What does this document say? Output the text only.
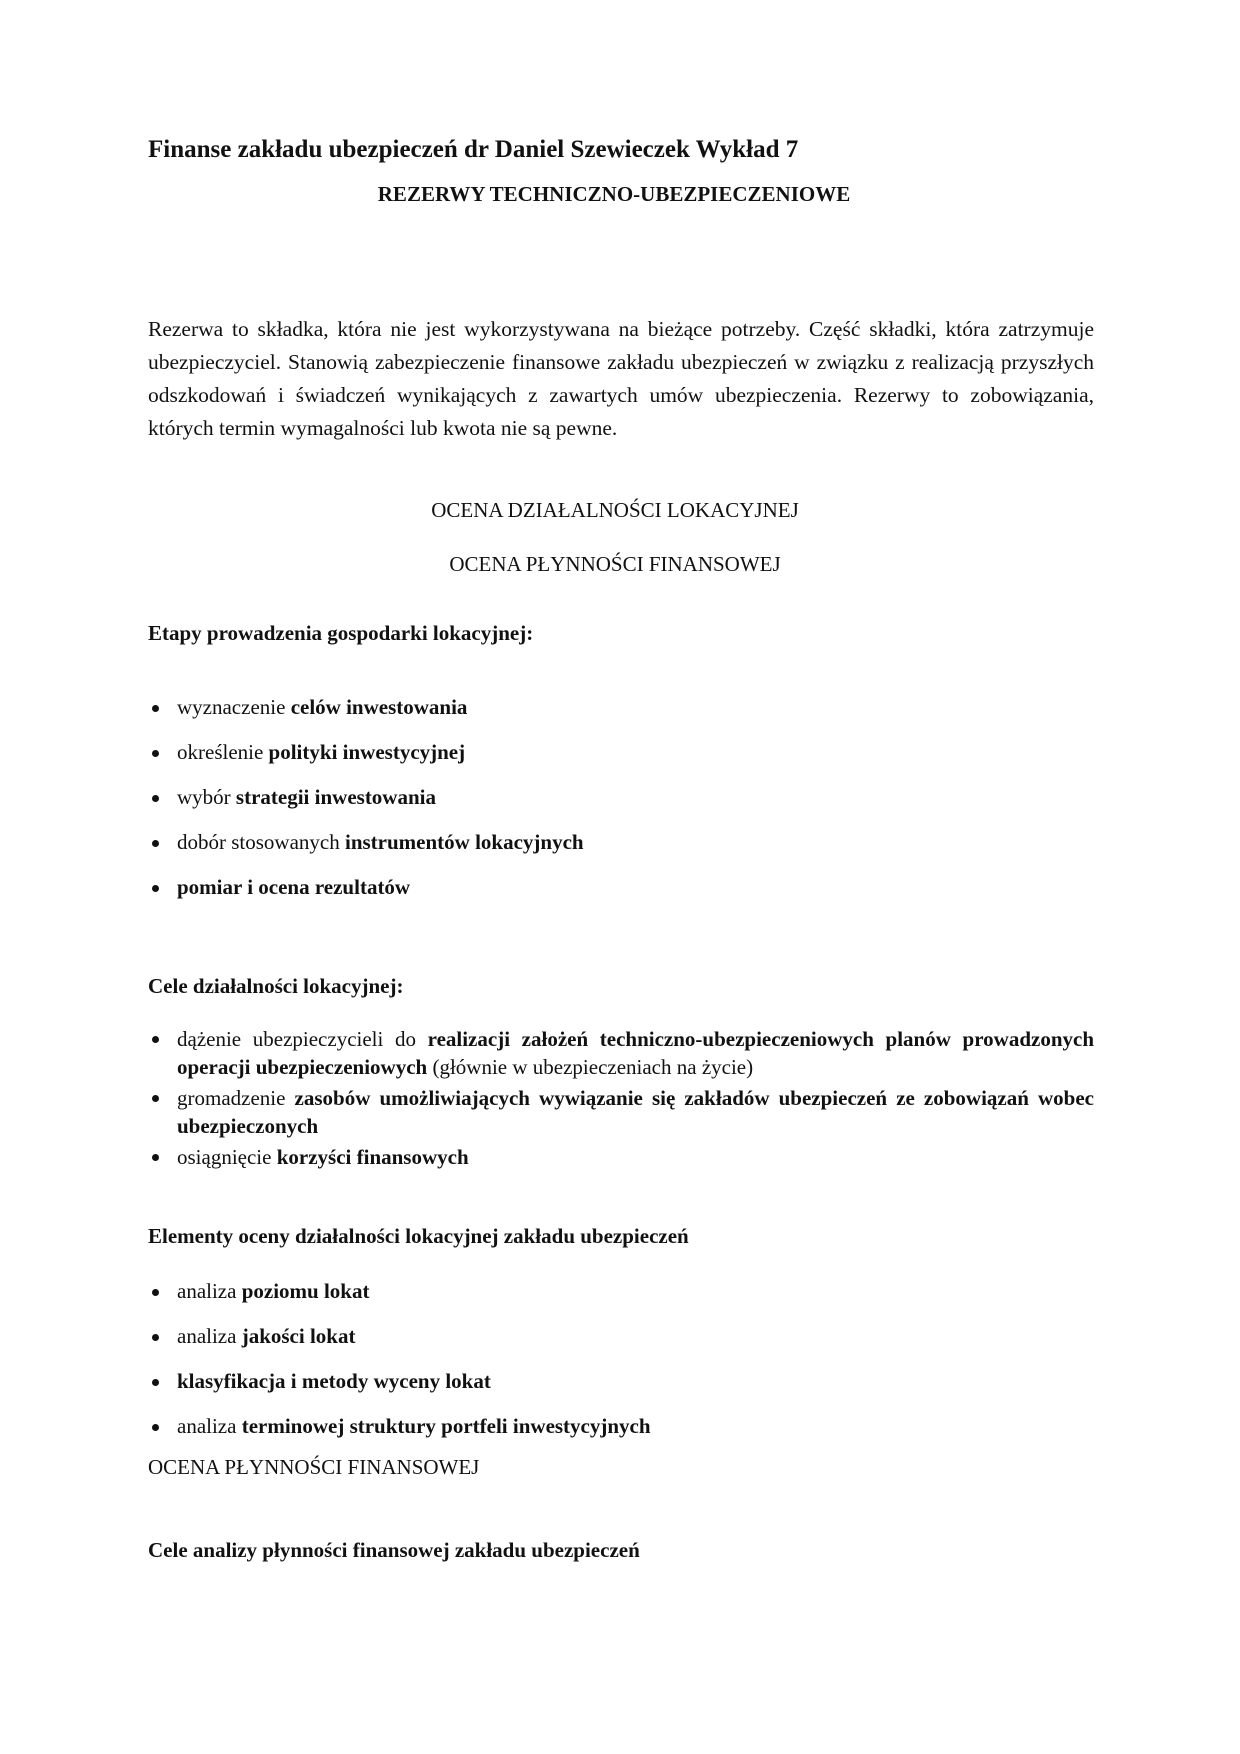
Finanse zakładu ubezpieczeń dr Daniel Szewieczek Wykład 7
REZERWY TECHNICZNO-UBEZPIECZENIOWE
Rezerwa to składka, która nie jest wykorzystywana na bieżące potrzeby. Część składki, która zatrzymuje ubezpieczyciel. Stanowią zabezpieczenie finansowe zakładu ubezpieczeń w związku z realizacją przyszłych odszkodowań i świadczeń wynikających z zawartych umów ubezpieczenia. Rezerwy to zobowiązania, których termin wymagalności lub kwota nie są pewne.
OCENA DZIAŁALNOŚCI LOKACYJNEJ
OCENA PŁYNNOŚCI FINANSOWEJ
Etapy prowadzenia gospodarki lokacyjnej:
wyznaczenie celów inwestowania
określenie polityki inwestycyjnej
wybór strategii inwestowania
dobór stosowanych instrumentów lokacyjnych
pomiar i ocena rezultatów
Cele działalności lokacyjnej:
dążenie ubezpieczycieli do realizacji założeń techniczno-ubezpieczeniowych planów prowadzonych operacji ubezpieczeniowych (głównie w ubezpieczeniach na życie)
gromadzenie zasobów umożliwiających wywiązanie się zakładów ubezpieczeń ze zobowiązań wobec ubezpieczonych
osiągnięcie korzyści finansowych
Elementy oceny działalności lokacyjnej zakładu ubezpieczeń
analiza poziomu lokat
analiza jakości lokat
klasyfikacja i metody wyceny lokat
analiza terminowej struktury portfeli inwestycyjnych
OCENA PŁYNNOŚCI FINANSOWEJ
Cele analizy płynności finansowej zakładu ubezpieczeń
